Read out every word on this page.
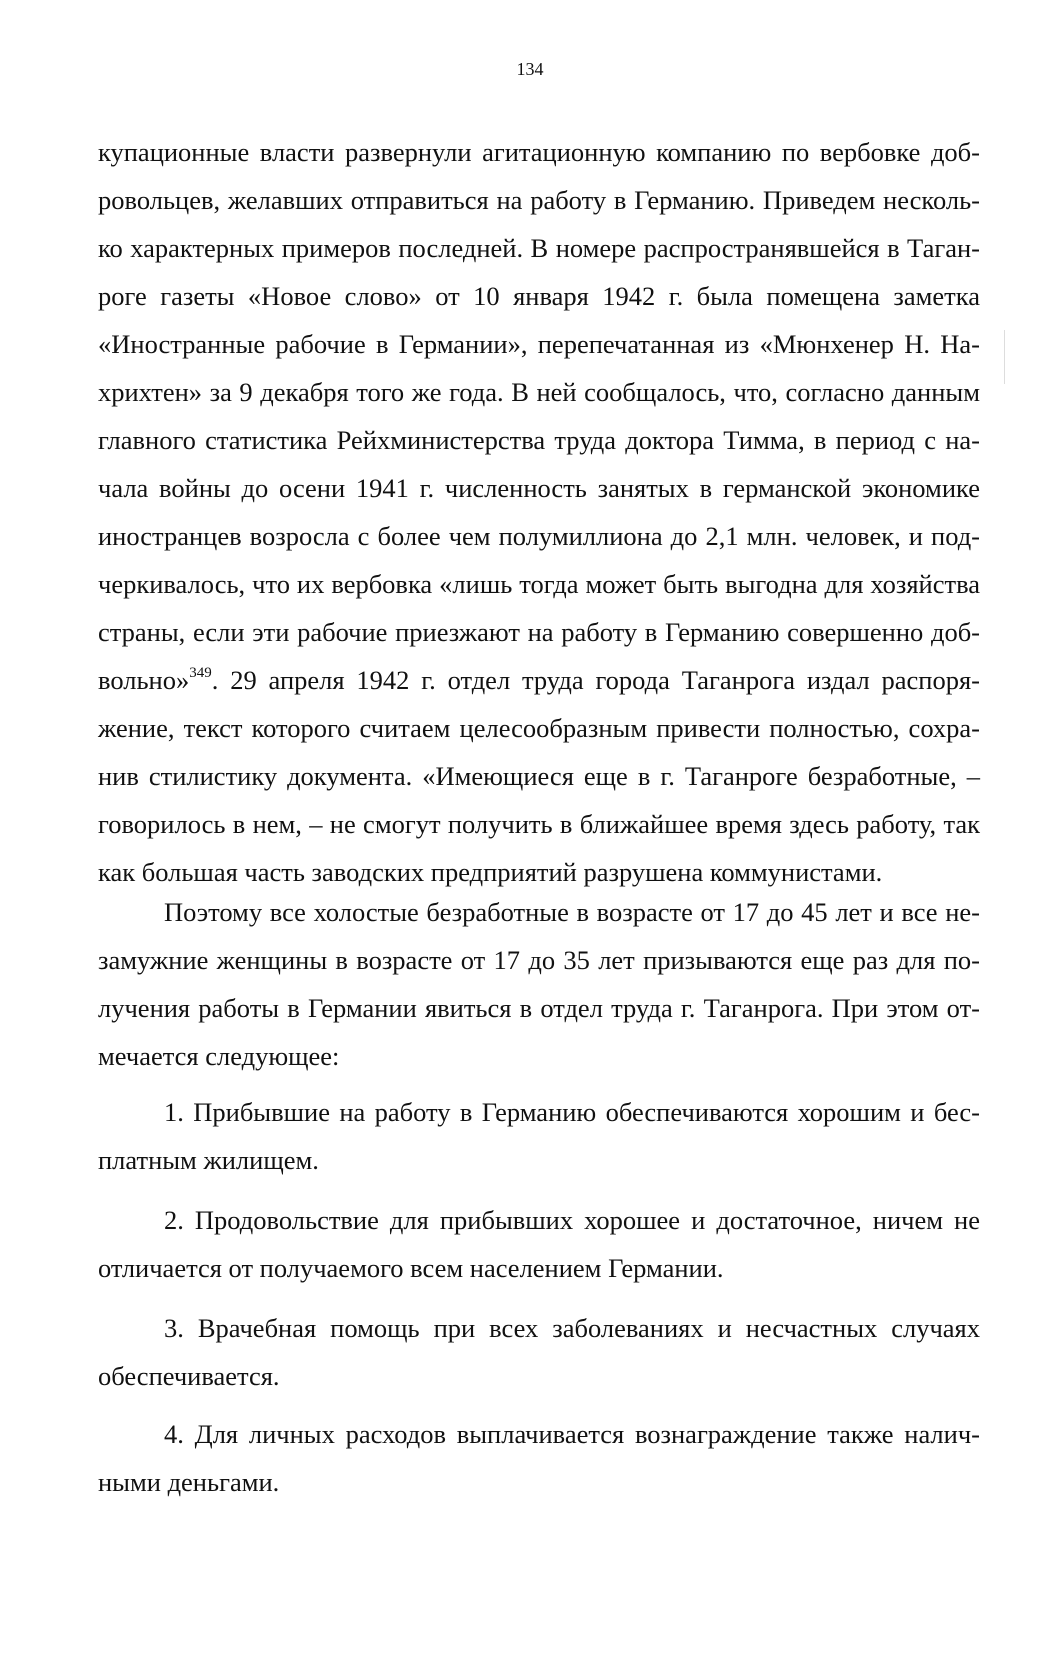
134
купационные власти развернули агитационную компанию по вербовке доб-
ровольцев, желавших отправиться на работу в Германию. Приведем несколь-
ко характерных примеров последней. В номере распространявшейся в Таган-
роге газеты «Новое слово» от 10 января 1942 г. была помещена заметка
«Иностранные рабочие в Германии», перепечатанная из «Мюнхенер Н. На-
хрихтен» за 9 декабря того же года. В ней сообщалось, что, согласно данным
главного статистика Рейхминистерства труда доктора Тимма, в период с на-
чала войны до осени 1941 г. численность занятых в германской экономике
иностранцев возросла с более чем полумиллиона до 2,1 млн. человек, и под-
черкивалось, что их вербовка «лишь тогда может быть выгодна для хозяйства
страны, если эти рабочие приезжают на работу в Германию совершенно доб-
вольно»$^{349}$. 29 апреля 1942 г. отдел труда города Таганрога издал распоря-
жение, текст которого считаем целесообразным привести полностью, сохра-
нив стилистику документа. «Имеющиеся еще в г. Таганроге безработные, –
говорилось в нем, – не смогут получить в ближайшее время здесь работу, так
как большая часть заводских предприятий разрушена коммунистами.
Поэтому все холостые безработные в возрасте от 17 до 45 лет и все не-
замужние женщины в возрасте от 17 до 35 лет призываются еще раз для по-
лучения работы в Германии явиться в отдел труда г. Таганрога. При этом от-
мечается следующее:
1. Прибывшие на работу в Германию обеспечиваются хорошим и бес-
платным жилищем.
2. Продовольствие для прибывших хорошее и достаточное, ничем не
отличается от получаемого всем населением Германии.
3. Врачебная помощь при всех заболеваниях и несчастных случаях
обеспечивается.
4. Для личных расходов выплачивается вознаграждение также налич-
ными деньгами.
